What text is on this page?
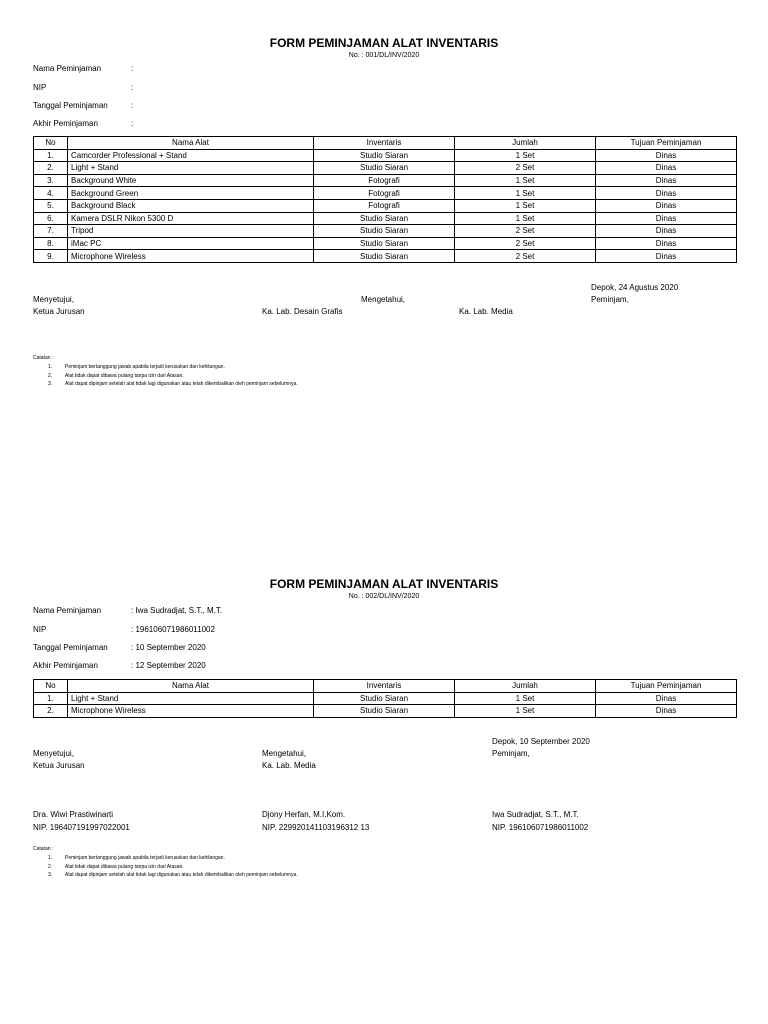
FORM PEMINJAMAN ALAT INVENTARIS
No. : 001/DL/INV/2020
Nama Peminjaman	:
NIP	:
Tanggal Peminjaman	:
Akhir Peminjaman	:
No	Nama Alat	Inventaris	Jumlah	Tujuan Peminjaman
1.	Camcorder Professional + Stand	Studio Siaran	1 Set	Dinas
2.	Light + Stand	Studio Siaran	2 Set	Dinas
3.	Background White	Fotografi	1 Set	Dinas
4.	Background Green	Fotografi	1 Set	Dinas
5.	Background Black	Fotografi	1 Set	Dinas
6.	Kamera DSLR Nikon 5300 D	Studio Siaran	1 Set	Dinas
7.	Tripod	Studio Siaran	2 Set	Dinas
8.	iMac PC	Studio Siaran	2 Set	Dinas
9.	Microphone Wireless	Studio Siaran	2 Set	Dinas
Depok, 24 Agustus 2020
Menyetujui,	Mengetahui,	Peminjam,
Ketua Jurusan	Ka. Lab. Desain Grafis	Ka. Lab. Media
Catatan :
1.	Peminjam bertanggung jawab apabila terjadi kerusakan dan kehilangan.
2.	Alat tidak dapat dibawa pulang tanpa izin dari Atasan.
3.	Alat dapat dipinjam setelah alat tidak lagi digunakan atau telah dikembalikan oleh peminjam sebelumnya.
FORM PEMINJAMAN ALAT INVENTARIS
No. : 002/DL/INV/2020
Nama Peminjaman	: Iwa Sudradjat, S.T., M.T.
NIP	: 196106071986011002
Tanggal Peminjaman	: 10 September 2020
Akhir Peminjaman	: 12 September 2020
No	Nama Alat	Inventaris	Jumlah	Tujuan Peminjaman
1.	Light + Stand	Studio Siaran	1 Set	Dinas
2.	Microphone Wireless	Studio Siaran	1 Set	Dinas
Depok, 10 September 2020
Menyetujui,	Mengetahui,	Peminjam,
Ketua Jurusan	Ka. Lab. Media
Dra. Wiwi Prastiwinarti	Djony Herfan, M.I.Kom.	Iwa Sudradjat, S.T., M.T.
NIP. 196407191997022001	NIP. 229920141103196312 13	NIP. 196106071986011002
Catatan :
1.	Peminjam bertanggung jawab apabila terjadi kerusakan dan kehilangan.
2.	Alat tidak dapat dibawa pulang tanpa izin dari Atasan.
3.	Alat dapat dipinjam setelah alat tidak lagi digunakan atau telah dikembalikan oleh peminjam sebelumnya.
